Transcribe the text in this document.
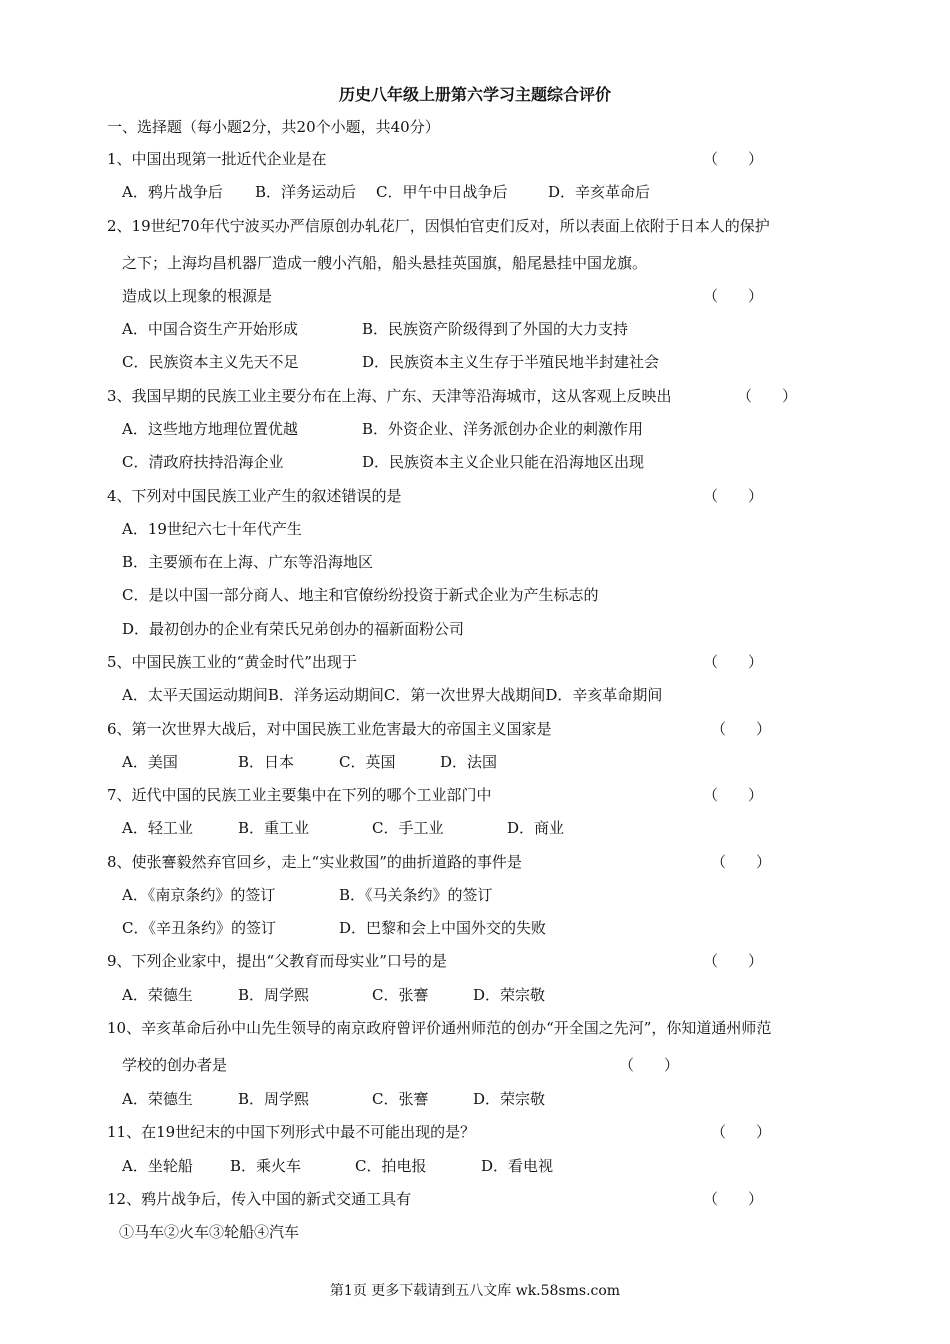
历史八年级上册第六学习主题综合评价
一、选择题（每小题2分，共20个小题，共40分）
1、中国出现第一批近代企业是在	（　　）
A．鸦片战争后 B．洋务运动后 C．甲午中日战争后	D．辛亥革命后
2、19世纪70年代宁波买办严信原创办轧花厂，因惧怕官吏们反对，所以表面上依附于日本人的保护
之下；上海均昌机器厂造成一艘小汽船，船头悬挂英国旗，船尾悬挂中国龙旗。
造成以上现象的根源是	（　　）
A．中国合资生产开始形成	B．民族资产阶级得到了外国的大力支持
C．民族资本主义先天不足	D．民族资本主义生存于半殖民地半封建社会
3、我国早期的民族工业主要分布在上海、广东、天津等沿海城市，这从客观上反映出	（　　）
A．这些地方地理位置优越	B．外资企业、洋务派创办企业的刺激作用
C．清政府扶持沿海企业	D．民族资本主义企业只能在沿海地区出现
4、下列对中国民族工业产生的叙述错误的是	（　　）
A．19世纪六七十年代产生
B．主要颁布在上海、广东等沿海地区
C．是以中国一部分商人、地主和官僚纷纷投资于新式企业为产生标志的
D．最初创办的企业有荣氏兄弟创办的福新面粉公司
5、中国民族工业的“黄金时代”出现于	（　　）
A．太平天国运动期间B．洋务运动期间C．第一次世界大战期间D．辛亥革命期间
6、第一次世界大战后，对中国民族工业危害最大的帝国主义国家是	（　　）
A．美国	B．日本	C．英国	D．法国
7、近代中国的民族工业主要集中在下列的哪个工业部门中	（　　）
A．轻工业	B．重工业	C．手工业	D．商业
8、使张謇毅然弃官回乡，走上“实业救国”的曲折道路的事件是	（　　）
A．《南京条约》的签订	B．《马关条约》的签订
C．《辛丑条约》的签订	D．巴黎和会上中国外交的失败
9、下列企业家中，提出“父教育而母实业”口号的是	（　　）
A．荣德生	B．周学熙	C．张謇	D．荣宗敬
10、辛亥革命后孙中山先生领导的南京政府曾评价通州师范的创办“开全国之先河”，你知道通州师范
学校的创办者是	（　　）
A．荣德生	B．周学熙	C．张謇	D．荣宗敬
11、在19世纪末的中国下列形式中最不可能出现的是？	（　　）
A．坐轮船 B．乘火车	C．拍电报	D．看电视
12、鸦片战争后，传入中国的新式交通工具有	（　　）
①马车②火车③轮船④汽车
第1页 更多下载请到五八文库 wk.58sms.com
